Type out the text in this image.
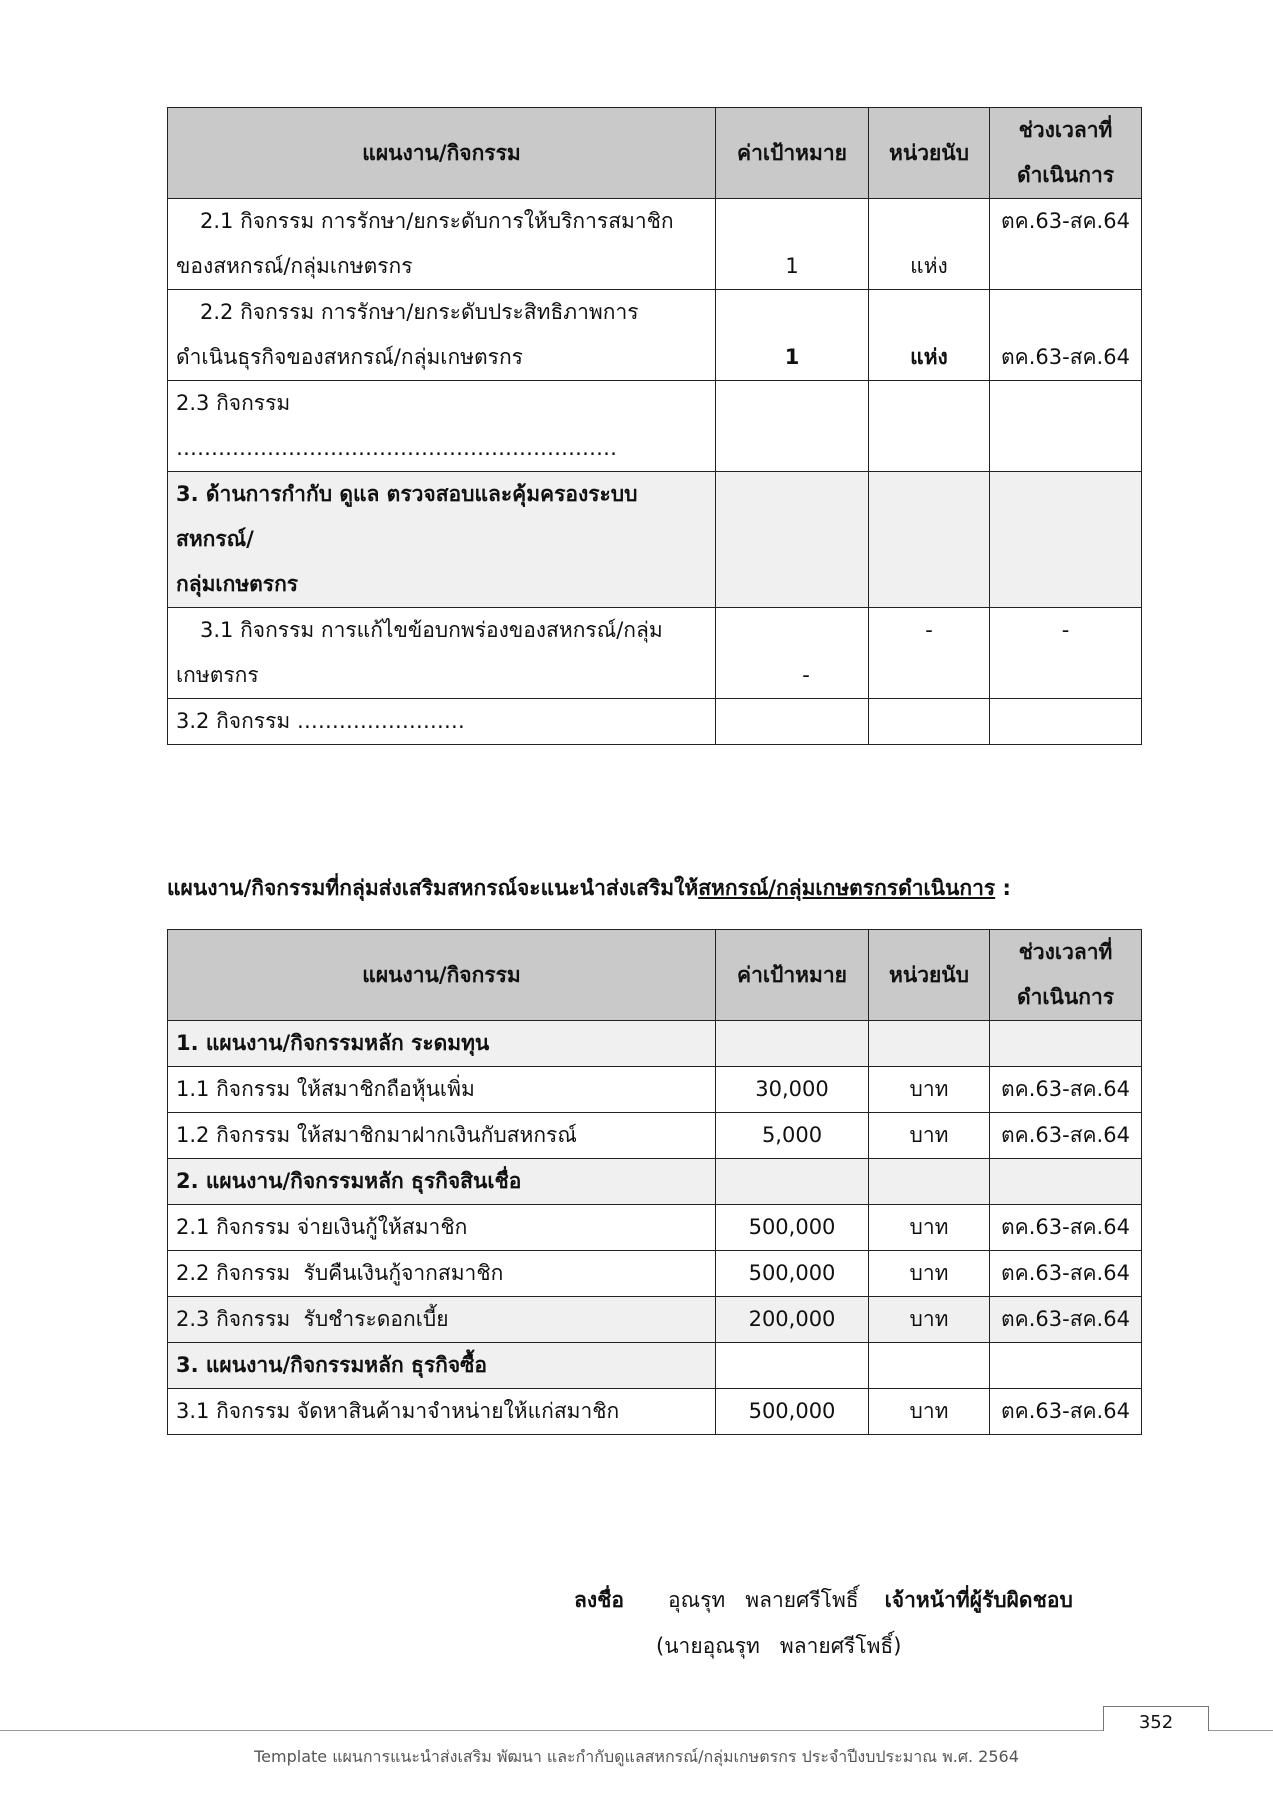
แผนงาน/กิจกรรม	ค่าเป้าหมาย	หน่วยนับ	ช่วงเวลาที่
ดำเนินการ

2.1 กิจกรรม การรักษา/ยกระดับการให้บริการสมาชิก
ของสหกรณ์/กลุ่มเกษตรกร	1	แห่ง	ตค.63-สค.64

2.2 กิจกรรม การรักษา/ยกระดับประสิทธิภาพการ
ดำเนินธุรกิจของสหกรณ์/กลุ่มเกษตรกร	1	แห่ง	ตค.63-สค.64
2.3 กิจกรรม ………………………………………………………			

3. ด้านการกำกับ ดูแล ตรวจสอบและคุ้มครองระบบ
สหกรณ์/
กลุ่มเกษตรกร			

3.1 กิจกรรม การแก้ไขข้อบกพร่องของสหกรณ์/กลุ่ม
เกษตรกร	-	-	-
3.2 กิจกรรม ……………………			
แผนงาน/กิจกรรมที่กลุ่มส่งเสริมสหกรณ์จะแนะนำส่งเสริมให้สหกรณ์/กลุ่มเกษตรกรดำเนินการ :
แผนงาน/กิจกรรม	ค่าเป้าหมาย	หน่วยนับ	ช่วงเวลาที่
ดำเนินการ

1. แผนงาน/กิจกรรมหลัก ระดมทุน			
1.1 กิจกรรม ให้สมาชิกถือหุ้นเพิ่ม	30,000	บาท	ตค.63-สค.64
1.2 กิจกรรม ให้สมาชิกมาฝากเงินกับสหกรณ์	5,000	บาท	ตค.63-สค.64
2. แผนงาน/กิจกรรมหลัก ธุรกิจสินเชื่อ			
2.1 กิจกรรม จ่ายเงินกู้ให้สมาชิก	500,000	บาท	ตค.63-สค.64
2.2 กิจกรรม  รับคืนเงินกู้จากสมาชิก	500,000	บาท	ตค.63-สค.64
2.3 กิจกรรม  รับชำระดอกเบี้ย	200,000	บาท	ตค.63-สค.64
3. แผนงาน/กิจกรรมหลัก ธุรกิจซื้อ			
3.1 กิจกรรม จัดหาสินค้ามาจำหน่ายให้แก่สมาชิก	500,000	บาท	ตค.63-สค.64
ลงชื่อ อุณรุท   พลายศรีโพธิ์ เจ้าหน้าที่ผู้รับผิดชอบ
(นายอุณรุท   พลายศรีโพธิ์)
352
Template แผนการแนะนำส่งเสริม พัฒนา และกำกับดูแลสหกรณ์/กลุ่มเกษตรกร ประจำปีงบประมาณ พ.ศ. 2564
